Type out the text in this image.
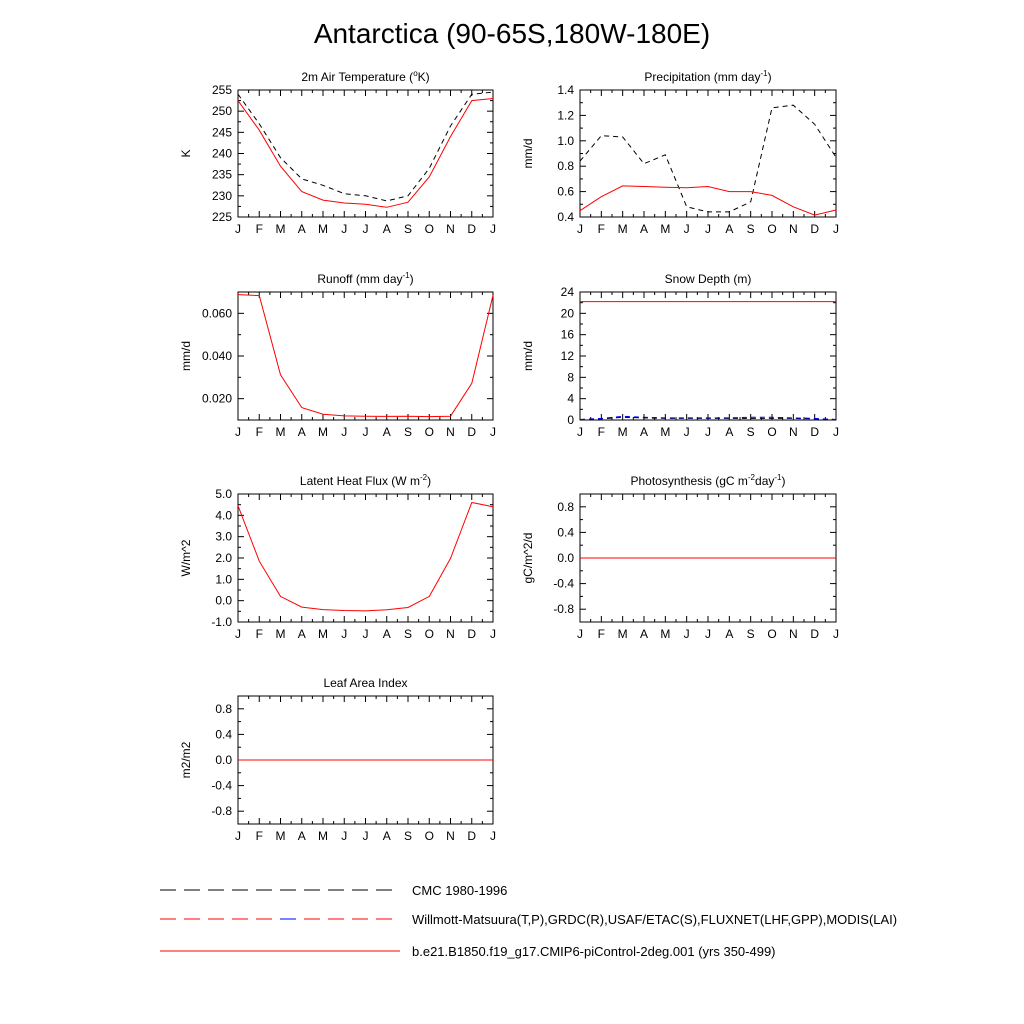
Antarctica (90-65S,180W-180E)
2m Air Temperature ($^o$K)
J F M A M J J A S O N D J
225
230
235
240
245
250
255
K
Precipitation (mm day$^{-1}$)
J F M A M J J A S O N D J
0.4
0.6
0.8
1.0
1.2
1.4
mm/d
Runoff (mm day$^{-1}$)
J F M A M J J A S O N D J
0.020
0.040
0.060
mm/d
Snow Depth (m)
J F M A M J J A S O N D J
0
4
8
12
16
20
24
mm/d
Latent Heat Flux (W $m^{-2}$)
J F M A M J J A S O N D J
-1.0
0.0
1.0
2.0
3.0
4.0
5.0
W/m^2
Photosynthesis (gC $m^{-2}day^{-1}$)
J F M A M J J A S O N D J
-0.8
-0.4
0.0
0.4
0.8
gC/m^2/d
Leaf Area Index
J F M A M J J A S O N D J
-0.8
-0.4
0.0
0.4
0.8
m2/m2
CMC 1980-1996
Willmott-Matsuura(T,P),GRDC(R),USAF/ETAC(S),FLUXNET(LHF,GPP),MODIS(LAI)
b.e21.B1850.f19_g17.CMIP6-piControl-2deg.001 (yrs 350-499)
